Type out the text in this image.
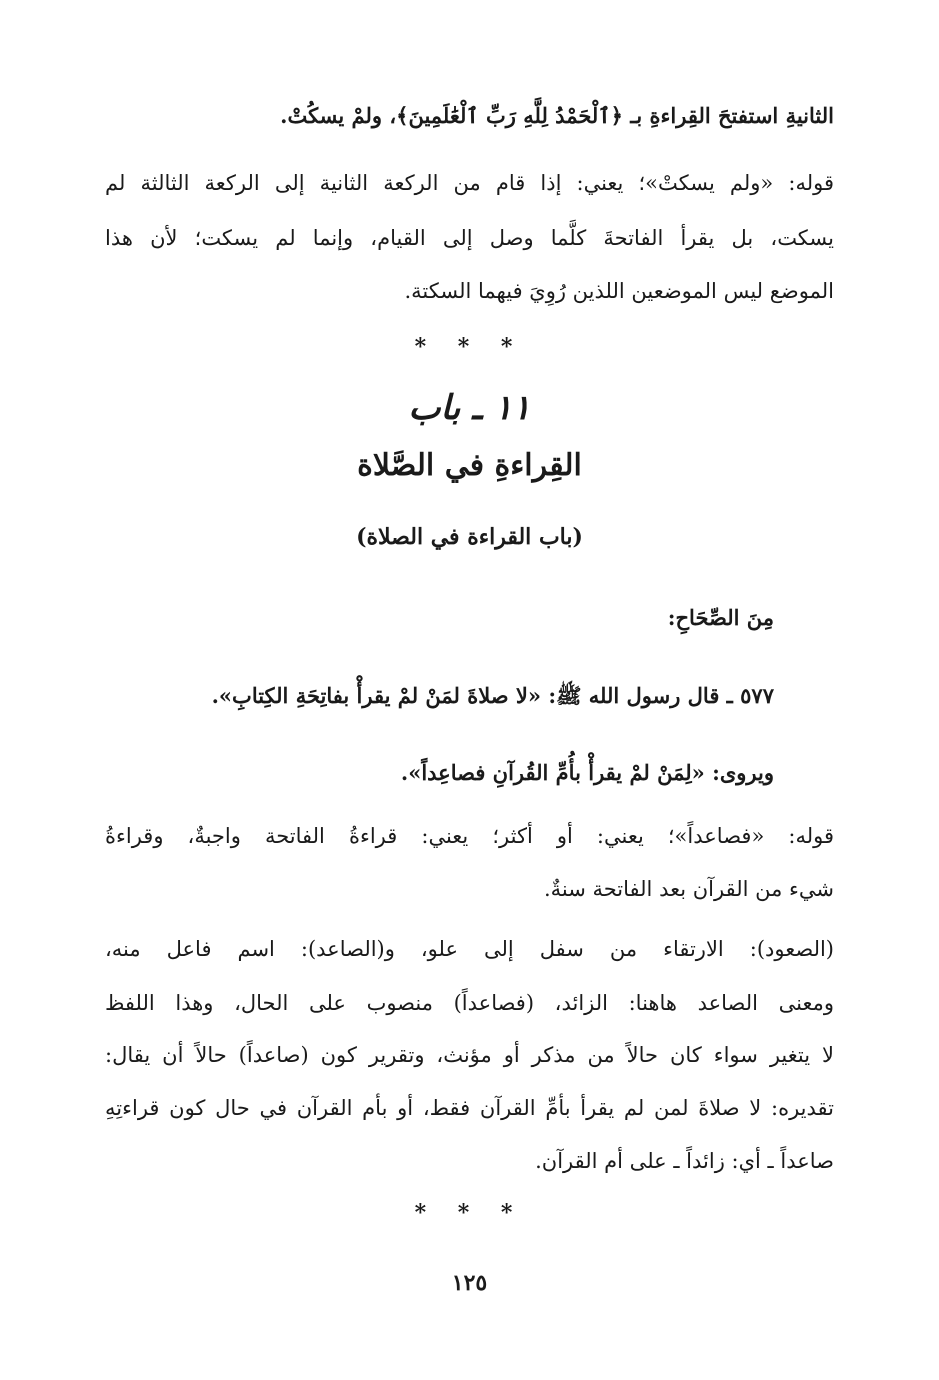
الثانيةِ استفتحَ القِراءةِ بـ ﴿ٱلْحَمْدُ لِلَّهِ رَبِّ ٱلْعَٰلَمِينَ﴾، ولمْ يسكُتْ.
قوله: «ولم يسكتْ»؛ يعني: إذا قام من الركعة الثانية إلى الركعة الثالثة لم
يسكت، بل يقرأ الفاتحةَ كلَّما وصل إلى القيام، وإنما لم يسكت؛ لأن هذا
الموضع ليس الموضعين اللذين رُوِيَ فيهما السكتة.
* * *
١١ ـ باب
القِراءةِ في الصَّلاة
(باب القراءة في الصلاة)
مِنَ الصِّحَاحِ:
٥٧٧ ـ قال رسول الله ﷺ: «لا صلاةَ لمَنْ لمْ يقرأْ بفاتِحَةِ الكِتابِ».
ويروى: «لِمَنْ لمْ يقرأْ بأُمِّ القُرآنِ فصاعِداً».
قوله: «فصاعداً»؛ يعني: أو أكثر؛ يعني: قراءةُ الفاتحة واجبةٌ، وقراءةُ
شيء من القرآن بعد الفاتحة سنةٌ.
(الصعود): الارتقاء من سفل إلى علو، و(الصاعد): اسم فاعل منه،
ومعنى الصاعد هاهنا: الزائد، (فصاعداً) منصوب على الحال، وهذا اللفظ
لا يتغير سواء كان حالاً من مذكر أو مؤنث، وتقرير كون (صاعداً) حالاً أن يقال:
تقديره: لا صلاةَ لمن لم يقرأ بأمِّ القرآن فقط، أو بأم القرآن في حال كون قراءتِهِ
صاعداً ـ أي: زائداً ـ على أم القرآن.
* * *
١٢٥
